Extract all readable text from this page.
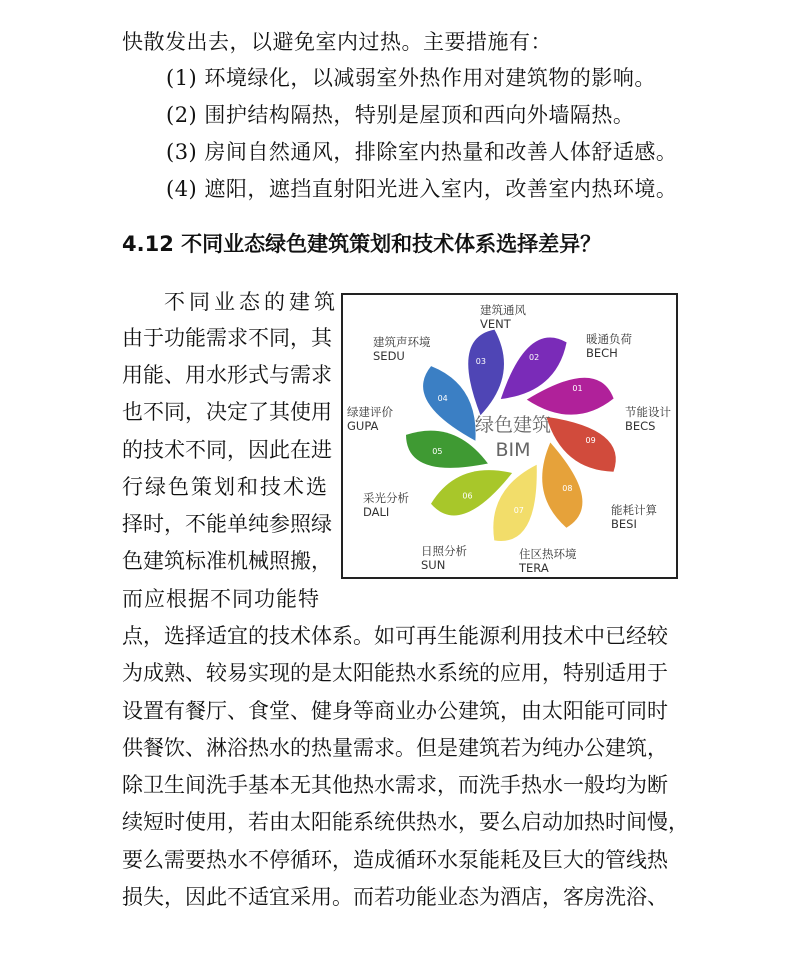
快散发出去，以避免室内过热。主要措施有：
(1) 环境绿化，以减弱室外热作用对建筑物的影响。
(2) 围护结构隔热，特别是屋顶和西向外墙隔热。
(3) 房间自然通风，排除室内热量和改善人体舒适感。
(4) 遮阳，遮挡直射阳光进入室内，改善室内热环境。
4.12 不同业态绿色建筑策划和技术体系选择差异？
不同业态的建筑
由于功能需求不同，其
用能、用水形式与需求
也不同，决定了其使用
的技术不同，因此在进
行绿色策划和技术选
择时，不能单纯参照绿
色建筑标准机械照搬，
而应根据不同功能特
01
02
03
04
05
06
07
08
09
绿色建筑
BIM
建筑通风
VENT
暖通负荷
BECH
建筑声环境
SEDU
节能设计
BECS
绿建评价
GUPA
能耗计算
BESI
采光分析
DALI
日照分析
SUN
住区热环境
TERA
点，选择适宜的技术体系。如可再生能源利用技术中已经较
为成熟、较易实现的是太阳能热水系统的应用，特别适用于
设置有餐厅、食堂、健身等商业办公建筑，由太阳能可同时
供餐饮、淋浴热水的热量需求。但是建筑若为纯办公建筑，
除卫生间洗手基本无其他热水需求，而洗手热水一般均为断
续短时使用，若由太阳能系统供热水，要么启动加热时间慢，
要么需要热水不停循环，造成循环水泵能耗及巨大的管线热
损失，因此不适宜采用。而若功能业态为酒店，客房洗浴、
